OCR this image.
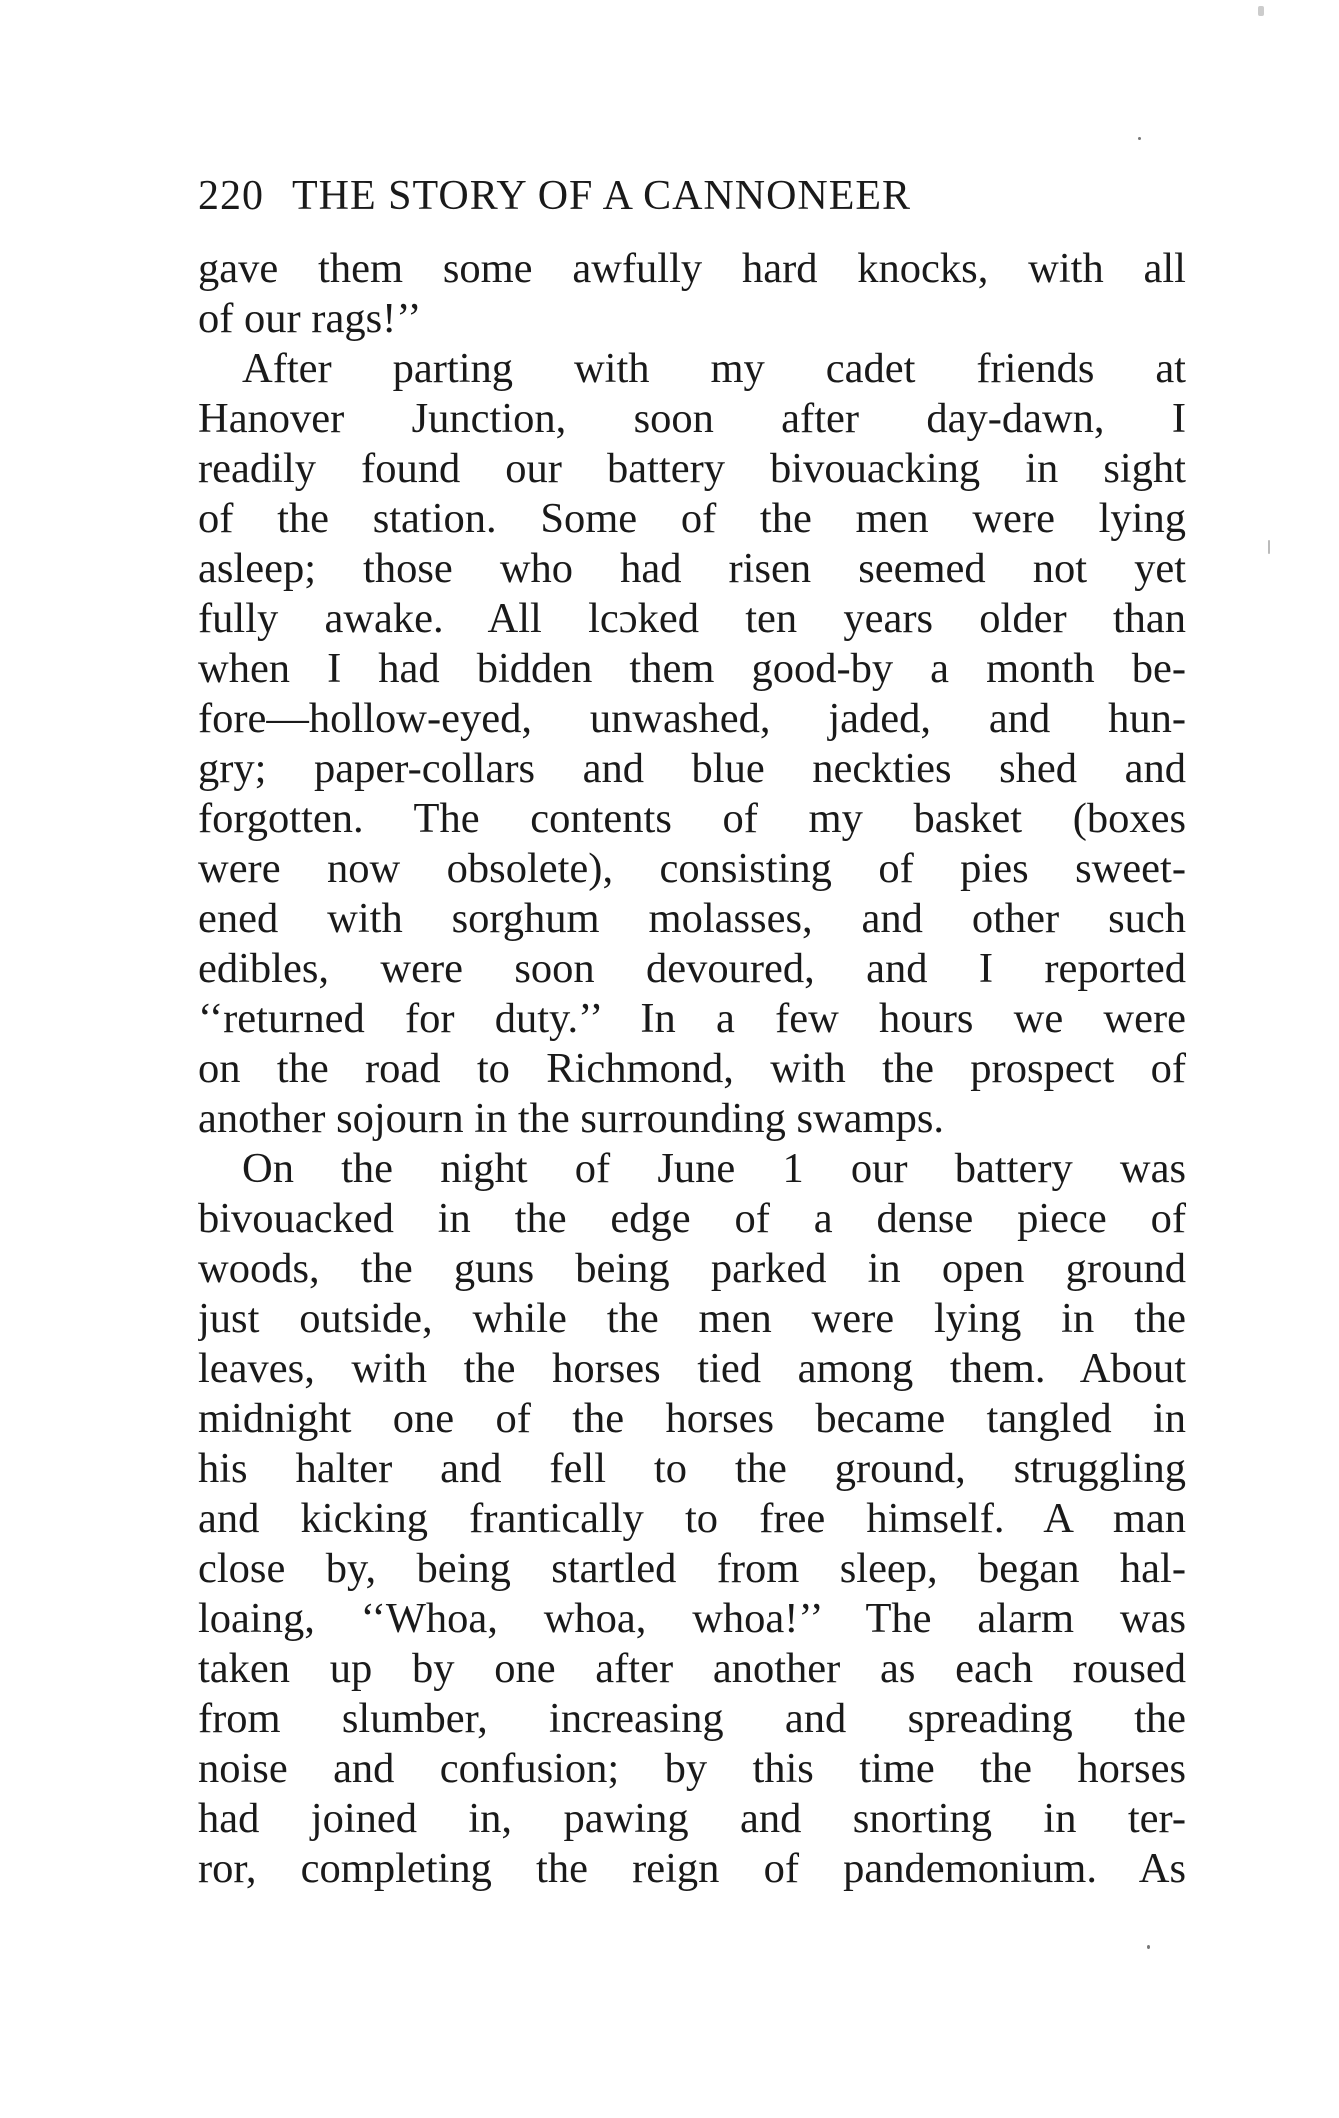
220 THE STORY OF A CANNONEER
gave them some awfully hard knocks, with all
of our rags!’’
After parting with my cadet friends at
Hanover Junction, soon after day-dawn, I
readily found our battery bivouacking in sight
of the station. Some of the men were lying
asleep; those who had risen seemed not yet
fully awake. All lcɔked ten years older than
when I had bidden them good-by a month be-
fore—hollow-eyed, unwashed, jaded, and hun-
gry; paper-collars and blue neckties shed and
forgotten. The contents of my basket (boxes
were now obsolete), consisting of pies sweet-
ened with sorghum molasses, and other such
edibles, were soon devoured, and I reported
‘‘returned for duty.’’ In a few hours we were
on the road to Richmond, with the prospect of
another sojourn in the surrounding swamps.
On the night of June 1 our battery was
bivouacked in the edge of a dense piece of
woods, the guns being parked in open ground
just outside, while the men were lying in the
leaves, with the horses tied among them. About
midnight one of the horses became tangled in
his halter and fell to the ground, struggling
and kicking frantically to free himself. A man
close by, being startled from sleep, began hal-
loaing, ‘‘Whoa, whoa, whoa!’’ The alarm was
taken up by one after another as each roused
from slumber, increasing and spreading the
noise and confusion; by this time the horses
had joined in, pawing and snorting in ter-
ror, completing the reign of pandemonium. As
